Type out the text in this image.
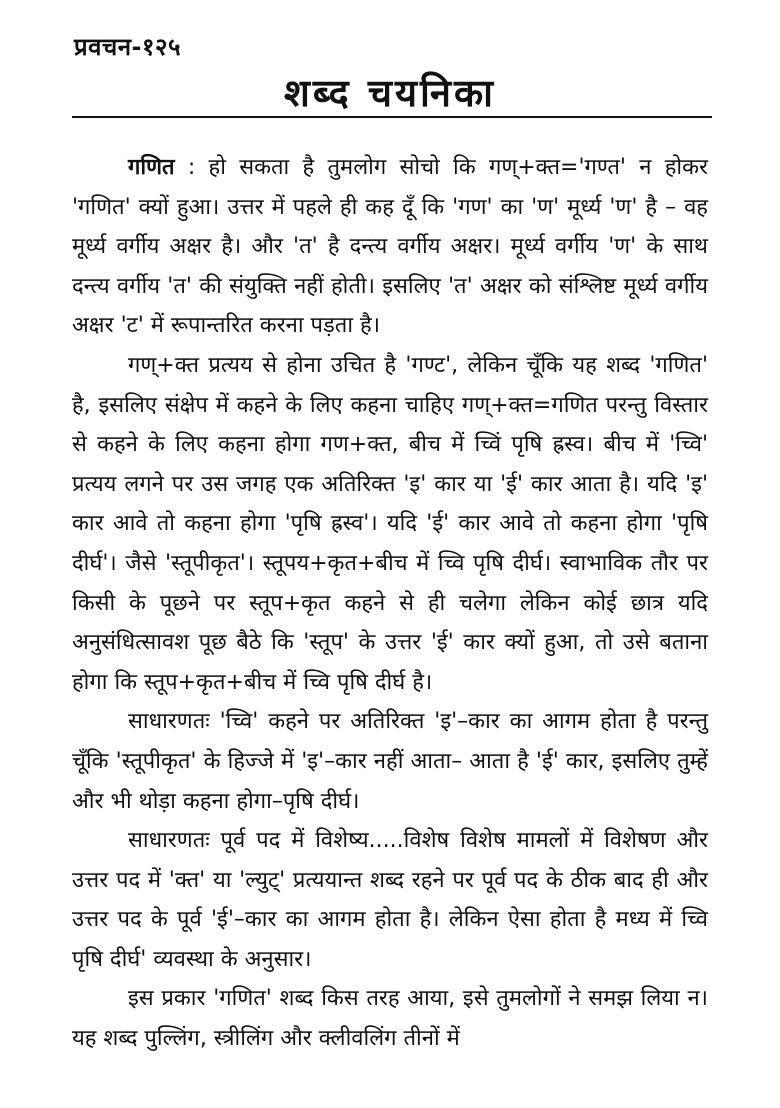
प्रवचन-१२५
शब्द चयनिका

गणित : हो सकता है तुमलोग सोचो कि गण्+क्त='गण्त' न होकर 'गणित' क्यों हुआ। उत्तर में पहले ही कह दूँ कि 'गण' का 'ण' मूर्ध्य 'ण' है – वह मूर्ध्य वर्गीय अक्षर है। और 'त' है दन्त्य वर्गीय अक्षर। मूर्ध्य वर्गीय 'ण' के साथ दन्त्य वर्गीय 'त' की संयुक्ति नहीं होती। इसलिए 'त' अक्षर को संश्लिष्ट मूर्ध्य वर्गीय अक्षर 'ट' में रूपान्तरित करना पड़ता है।

गण्+क्त प्रत्यय से होना उचित है 'गण्ट', लेकिन चूँकि यह शब्द 'गणित' है, इसलिए संक्षेप में कहने के लिए कहना चाहिए गण्+क्त=गणित परन्तु विस्तार से कहने के लिए कहना होगा गण+क्त, बीच में च्विं पृषि ह्रस्व। बीच में 'च्वि' प्रत्यय लगने पर उस जगह एक अतिरिक्त 'इ' कार या 'ई' कार आता है। यदि 'इ' कार आवे तो कहना होगा 'पृषि ह्रस्व'। यदि 'ई' कार आवे तो कहना होगा 'पृषि दीर्घ'। जैसे 'स्तूपीकृत'। स्तूपय+कृत+बीच में च्वि पृषि दीर्घ। स्वाभाविक तौर पर किसी के पूछने पर स्तूप+कृत कहने से ही चलेगा लेकिन कोई छात्र यदि अनुसंधित्सावश पूछ बैठे कि 'स्तूप' के उत्तर 'ई' कार क्यों हुआ, तो उसे बताना होगा कि स्तूप+कृत+बीच में च्वि पृषि दीर्घ है।

साधारणतः 'च्वि' कहने पर अतिरिक्त 'इ'–कार का आगम होता है परन्तु चूँकि 'स्तूपीकृत' के हिज्जे में 'इ'–कार नहीं आता– आता है 'ई' कार, इसलिए तुम्हें और भी थोड़ा कहना होगा–पृषि दीर्घ।

साधारणतः पूर्व पद में विशेष्य.....विशेष विशेष मामलों में विशेषण और उत्तर पद में 'क्त' या 'ल्युट्' प्रत्ययान्त शब्द रहने पर पूर्व पद के ठीक बाद ही और उत्तर पद के पूर्व 'ई'–कार का आगम होता है। लेकिन ऐसा होता है मध्य में च्वि पृषि दीर्घ' व्यवस्था के अनुसार।

इस प्रकार 'गणित' शब्द किस तरह आया, इसे तुमलोगों ने समझ लिया न। यह शब्द पुल्लिंग, स्त्रीलिंग और क्लीवलिंग तीनों में
